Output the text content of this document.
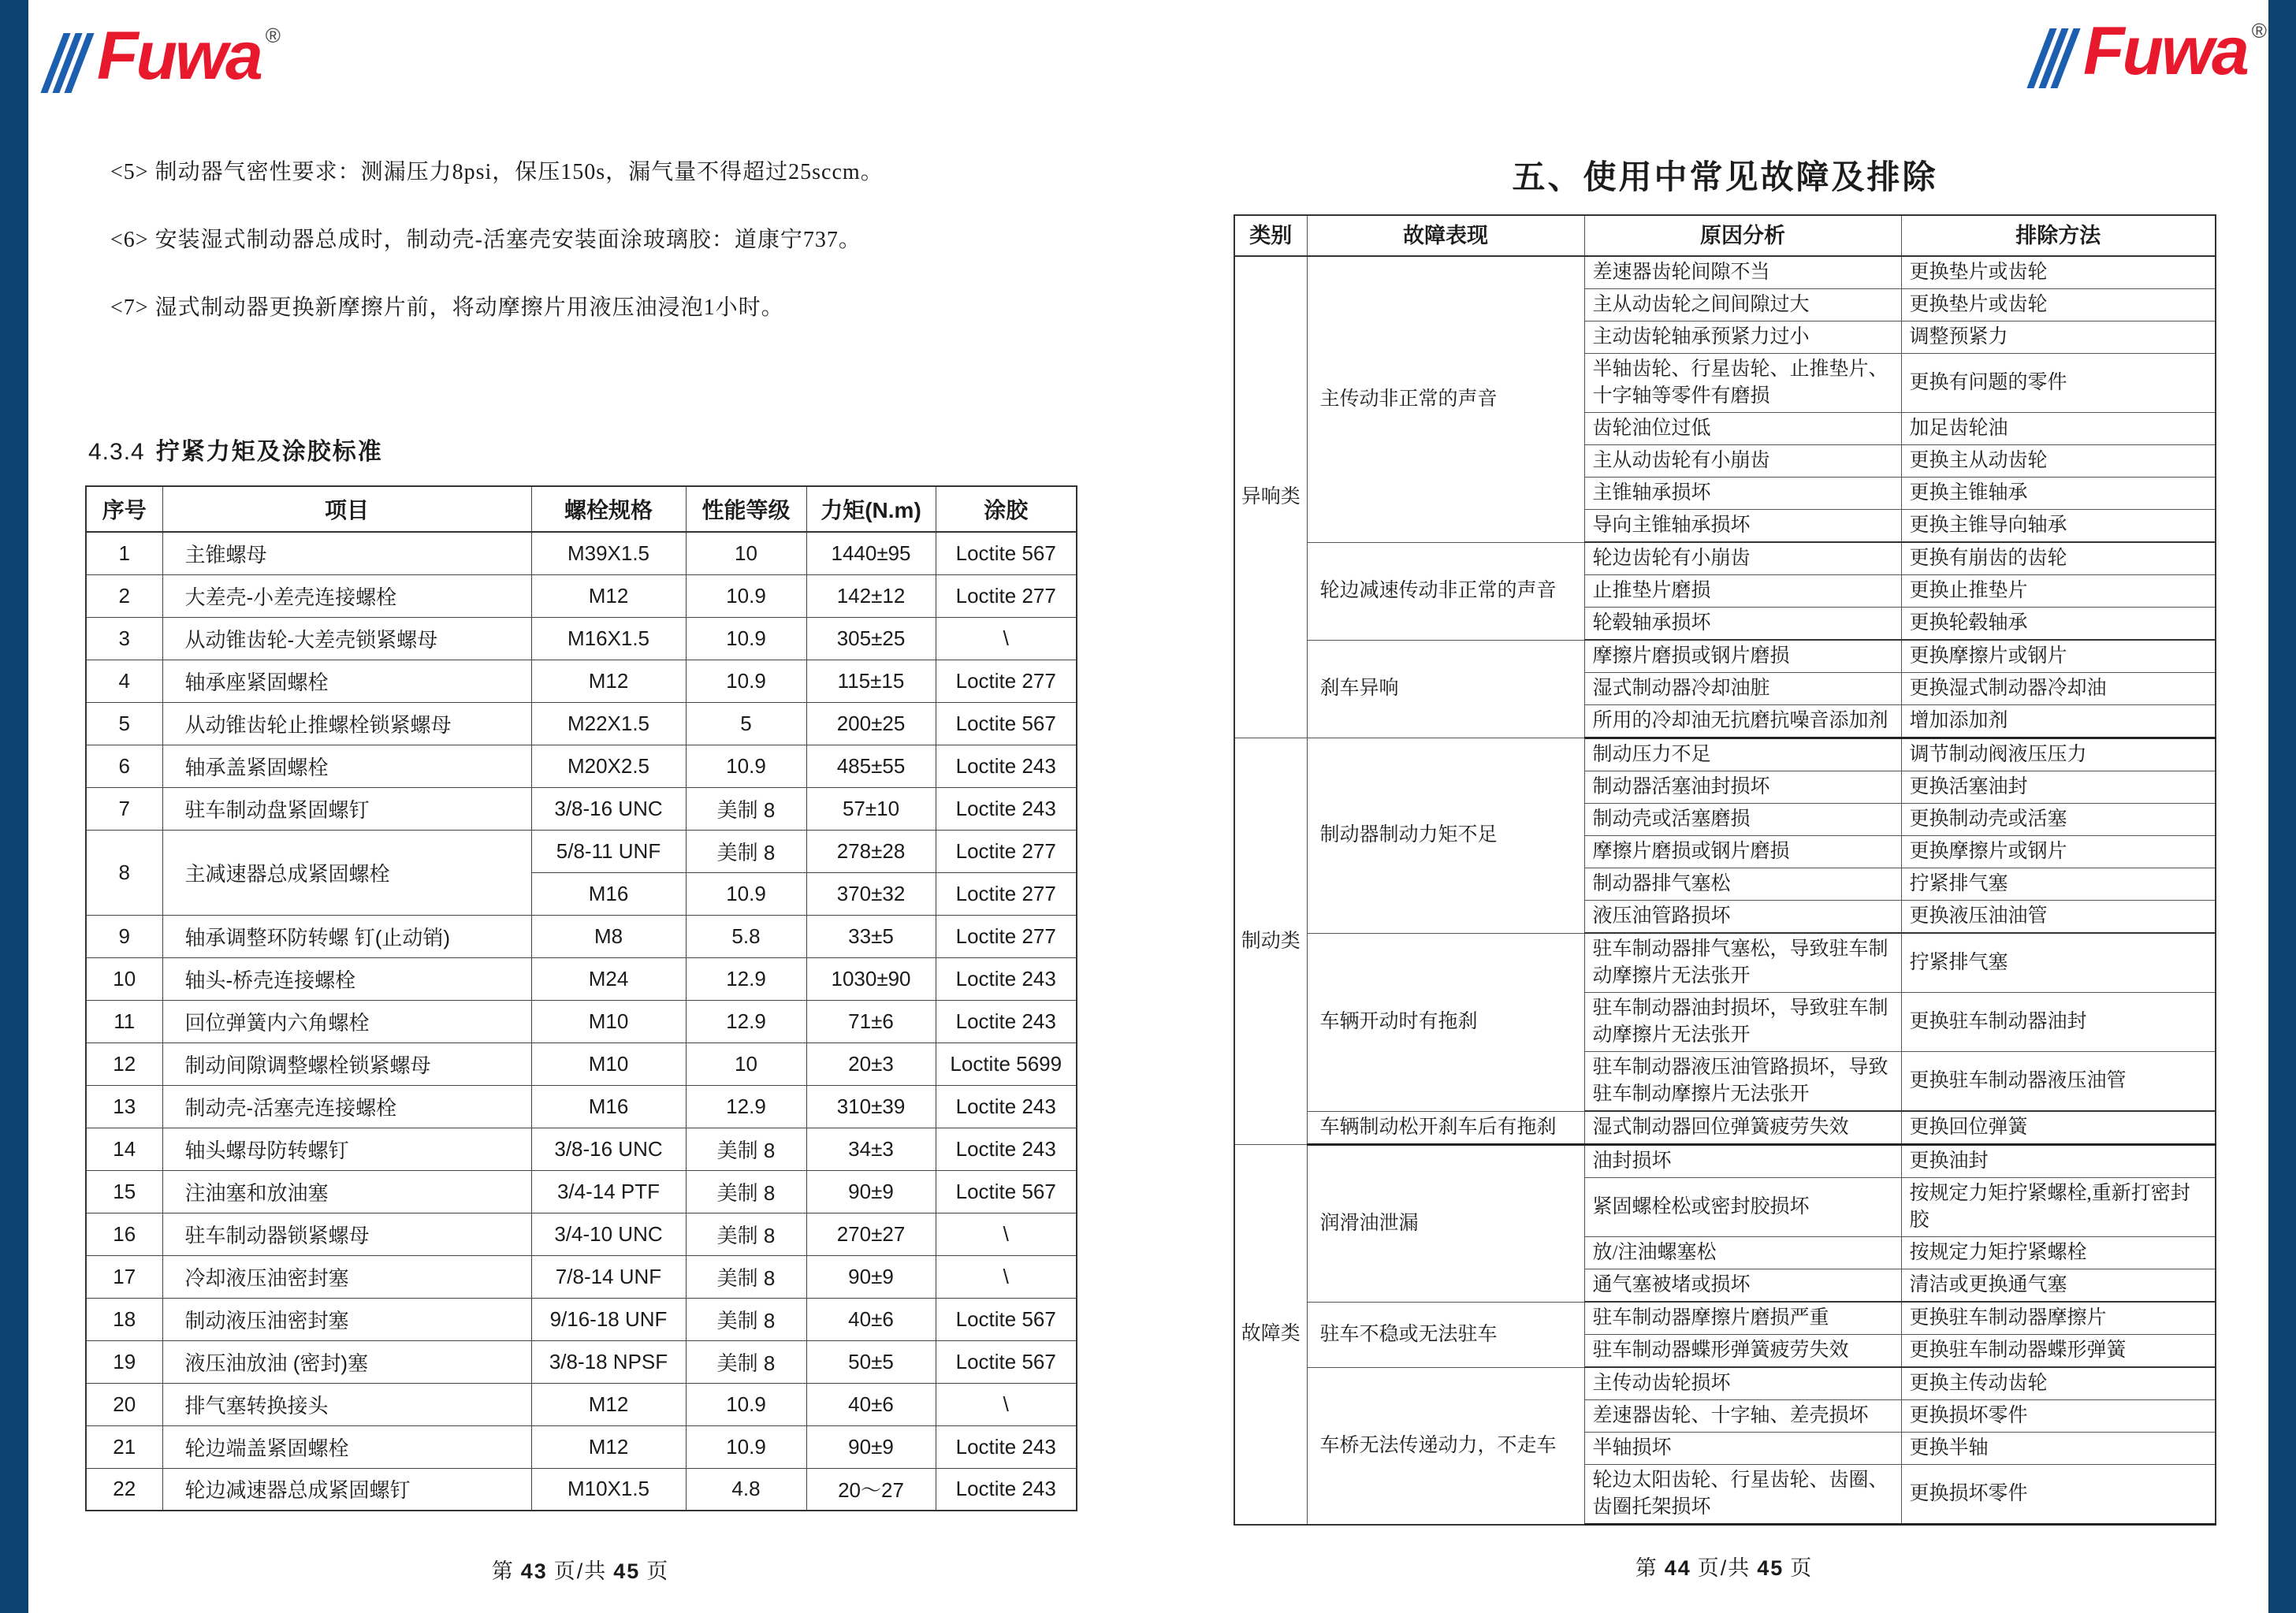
Fuwa ®	Fuwa ®
<5> 制动器气密性要求：测漏压力8psi，保压150s，漏气量不得超过25sccm。
<6> 安装湿式制动器总成时，制动壳-活塞壳安装面涂玻璃胶：道康宁737。
<7> 湿式制动器更换新摩擦片前，将动摩擦片用液压油浸泡1小时。
4.3.4 拧紧力矩及涂胶标准
序号	项目	螺栓规格	性能等级	力矩(N.m)	涂胶
1	主锥螺母	M39X1.5	10	1440±95	Loctite 567
2	大差壳-小差壳连接螺栓	M12	10.9	142±12	Loctite 277
3	从动锥齿轮-大差壳锁紧螺母	M16X1.5	10.9	305±25	\
4	轴承座紧固螺栓	M12	10.9	115±15	Loctite 277
5	从动锥齿轮止推螺栓锁紧螺母	M22X1.5	5	200±25	Loctite 567
6	轴承盖紧固螺栓	M20X2.5	10.9	485±55	Loctite 243
7	驻车制动盘紧固螺钉	3/8-16 UNC	美制 8	57±10	Loctite 243
8	主减速器总成紧固螺栓	5/8-11 UNF	美制 8	278±28	Loctite 277
		M16	10.9	370±32	Loctite 277
9	轴承调整环防转螺 钉(止动销)	M8	5.8	33±5	Loctite 277
10	轴头-桥壳连接螺栓	M24	12.9	1030±90	Loctite 243
11	回位弹簧内六角螺栓	M10	12.9	71±6	Loctite 243
12	制动间隙调整螺栓锁紧螺母	M10	10	20±3	Loctite 5699
13	制动壳-活塞壳连接螺栓	M16	12.9	310±39	Loctite 243
14	轴头螺母防转螺钉	3/8-16 UNC	美制 8	34±3	Loctite 243
15	注油塞和放油塞	3/4-14 PTF	美制 8	90±9	Loctite 567
16	驻车制动器锁紧螺母	3/4-10 UNC	美制 8	270±27	\
17	冷却液压油密封塞	7/8-14 UNF	美制 8	90±9	\
18	制动液压油密封塞	9/16-18 UNF	美制 8	40±6	Loctite 567
19	液压油放油 (密封)塞	3/8-18 NPSF	美制 8	50±5	Loctite 567
20	排气塞转换接头	M12	10.9	40±6	\
21	轮边端盖紧固螺栓	M12	10.9	90±9	Loctite 243
22	轮边减速器总成紧固螺钉	M10X1.5	4.8	20～27	Loctite 243
第 43 页/共 45 页
五、使用中常见故障及排除
类别	故障表现	原因分析	排除方法
异响类	主传动非正常的声音	差速器齿轮间隙不当	更换垫片或齿轮
		主从动齿轮之间间隙过大	更换垫片或齿轮
		主动齿轮轴承预紧力过小	调整预紧力
		半轴齿轮、行星齿轮、止推垫片、十字轴等零件有磨损	更换有问题的零件
		齿轮油位过低	加足齿轮油
		主从动齿轮有小崩齿	更换主从动齿轮
		主锥轴承损坏	更换主锥轴承
		导向主锥轴承损坏	更换主锥导向轴承
	轮边减速传动非正常的声音	轮边齿轮有小崩齿	更换有崩齿的齿轮
		止推垫片磨损	更换止推垫片
		轮毂轴承损坏	更换轮毂轴承
	刹车异响	摩擦片磨损或钢片磨损	更换摩擦片或钢片
		湿式制动器冷却油脏	更换湿式制动器冷却油
		所用的冷却油无抗磨抗噪音添加剂	增加添加剂
制动类	制动器制动力矩不足	制动压力不足	调节制动阀液压压力
		制动器活塞油封损坏	更换活塞油封
		制动壳或活塞磨损	更换制动壳或活塞
		摩擦片磨损或钢片磨损	更换摩擦片或钢片
		制动器排气塞松	拧紧排气塞
		液压油管路损坏	更换液压油油管
	车辆开动时有拖刹	驻车制动器排气塞松，导致驻车制动摩擦片无法张开	拧紧排气塞
		驻车制动器油封损坏，导致驻车制动摩擦片无法张开	更换驻车制动器油封
		驻车制动器液压油管路损坏，导致驻车制动摩擦片无法张开	更换驻车制动器液压油管
	车辆制动松开刹车后有拖刹	湿式制动器回位弹簧疲劳失效	更换回位弹簧
故障类	润滑油泄漏	油封损坏	更换油封
		紧固螺栓松或密封胶损坏	按规定力矩拧紧螺栓,重新打密封胶
		放/注油螺塞松	按规定力矩拧紧螺栓
		通气塞被堵或损坏	清洁或更换通气塞
	驻车不稳或无法驻车	驻车制动器摩擦片磨损严重	更换驻车制动器摩擦片
		驻车制动器蝶形弹簧疲劳失效	更换驻车制动器蝶形弹簧
	车桥无法传递动力，不走车	主传动齿轮损坏	更换主传动齿轮
		差速器齿轮、十字轴、差壳损坏	更换损坏零件
		半轴损坏	更换半轴
		轮边太阳齿轮、行星齿轮、齿圈、齿圈托架损坏	更换损坏零件
第 44 页/共 45 页
